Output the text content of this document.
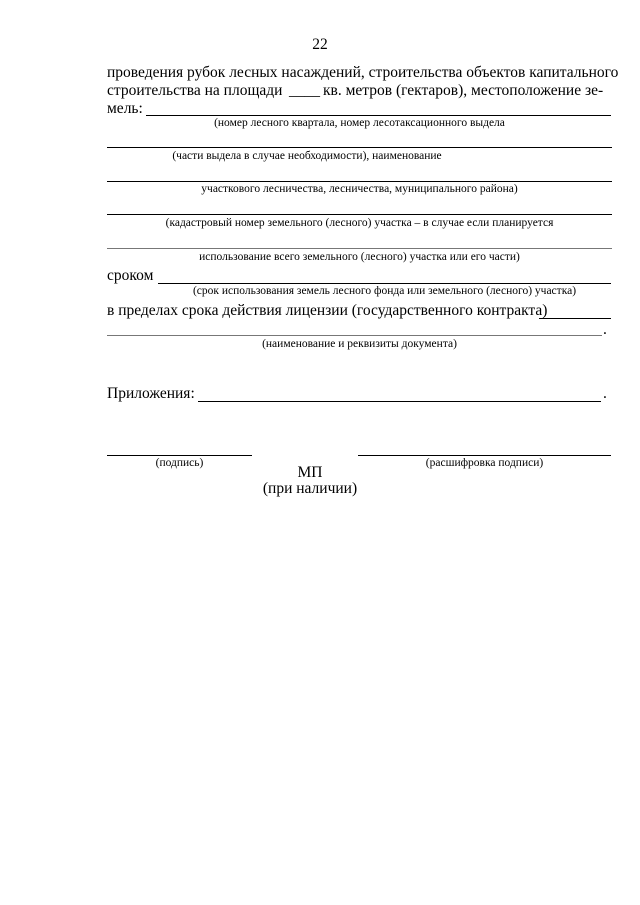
22
проведения рубок лесных насаждений, строительства объектов капитального
строительства на площади ____ кв. метров (гектаров), местоположение зе-
мель:
(номер лесного квартала, номер лесотаксационного выдела
(части выдела в случае необходимости), наименование
участкового лесничества, лесничества, муниципального района)
(кадастровый номер земельного (лесного) участка – в случае если планируется
использование всего земельного (лесного) участка или его части)
сроком
(срок использования земель лесного фонда или земельного (лесного) участка)
в пределах срока действия лицензии (государственного контракта)
.
(наименование и реквизиты документа)
Приложения:	.
(подпись)	(расшифровка подписи)
МП
(при наличии)
